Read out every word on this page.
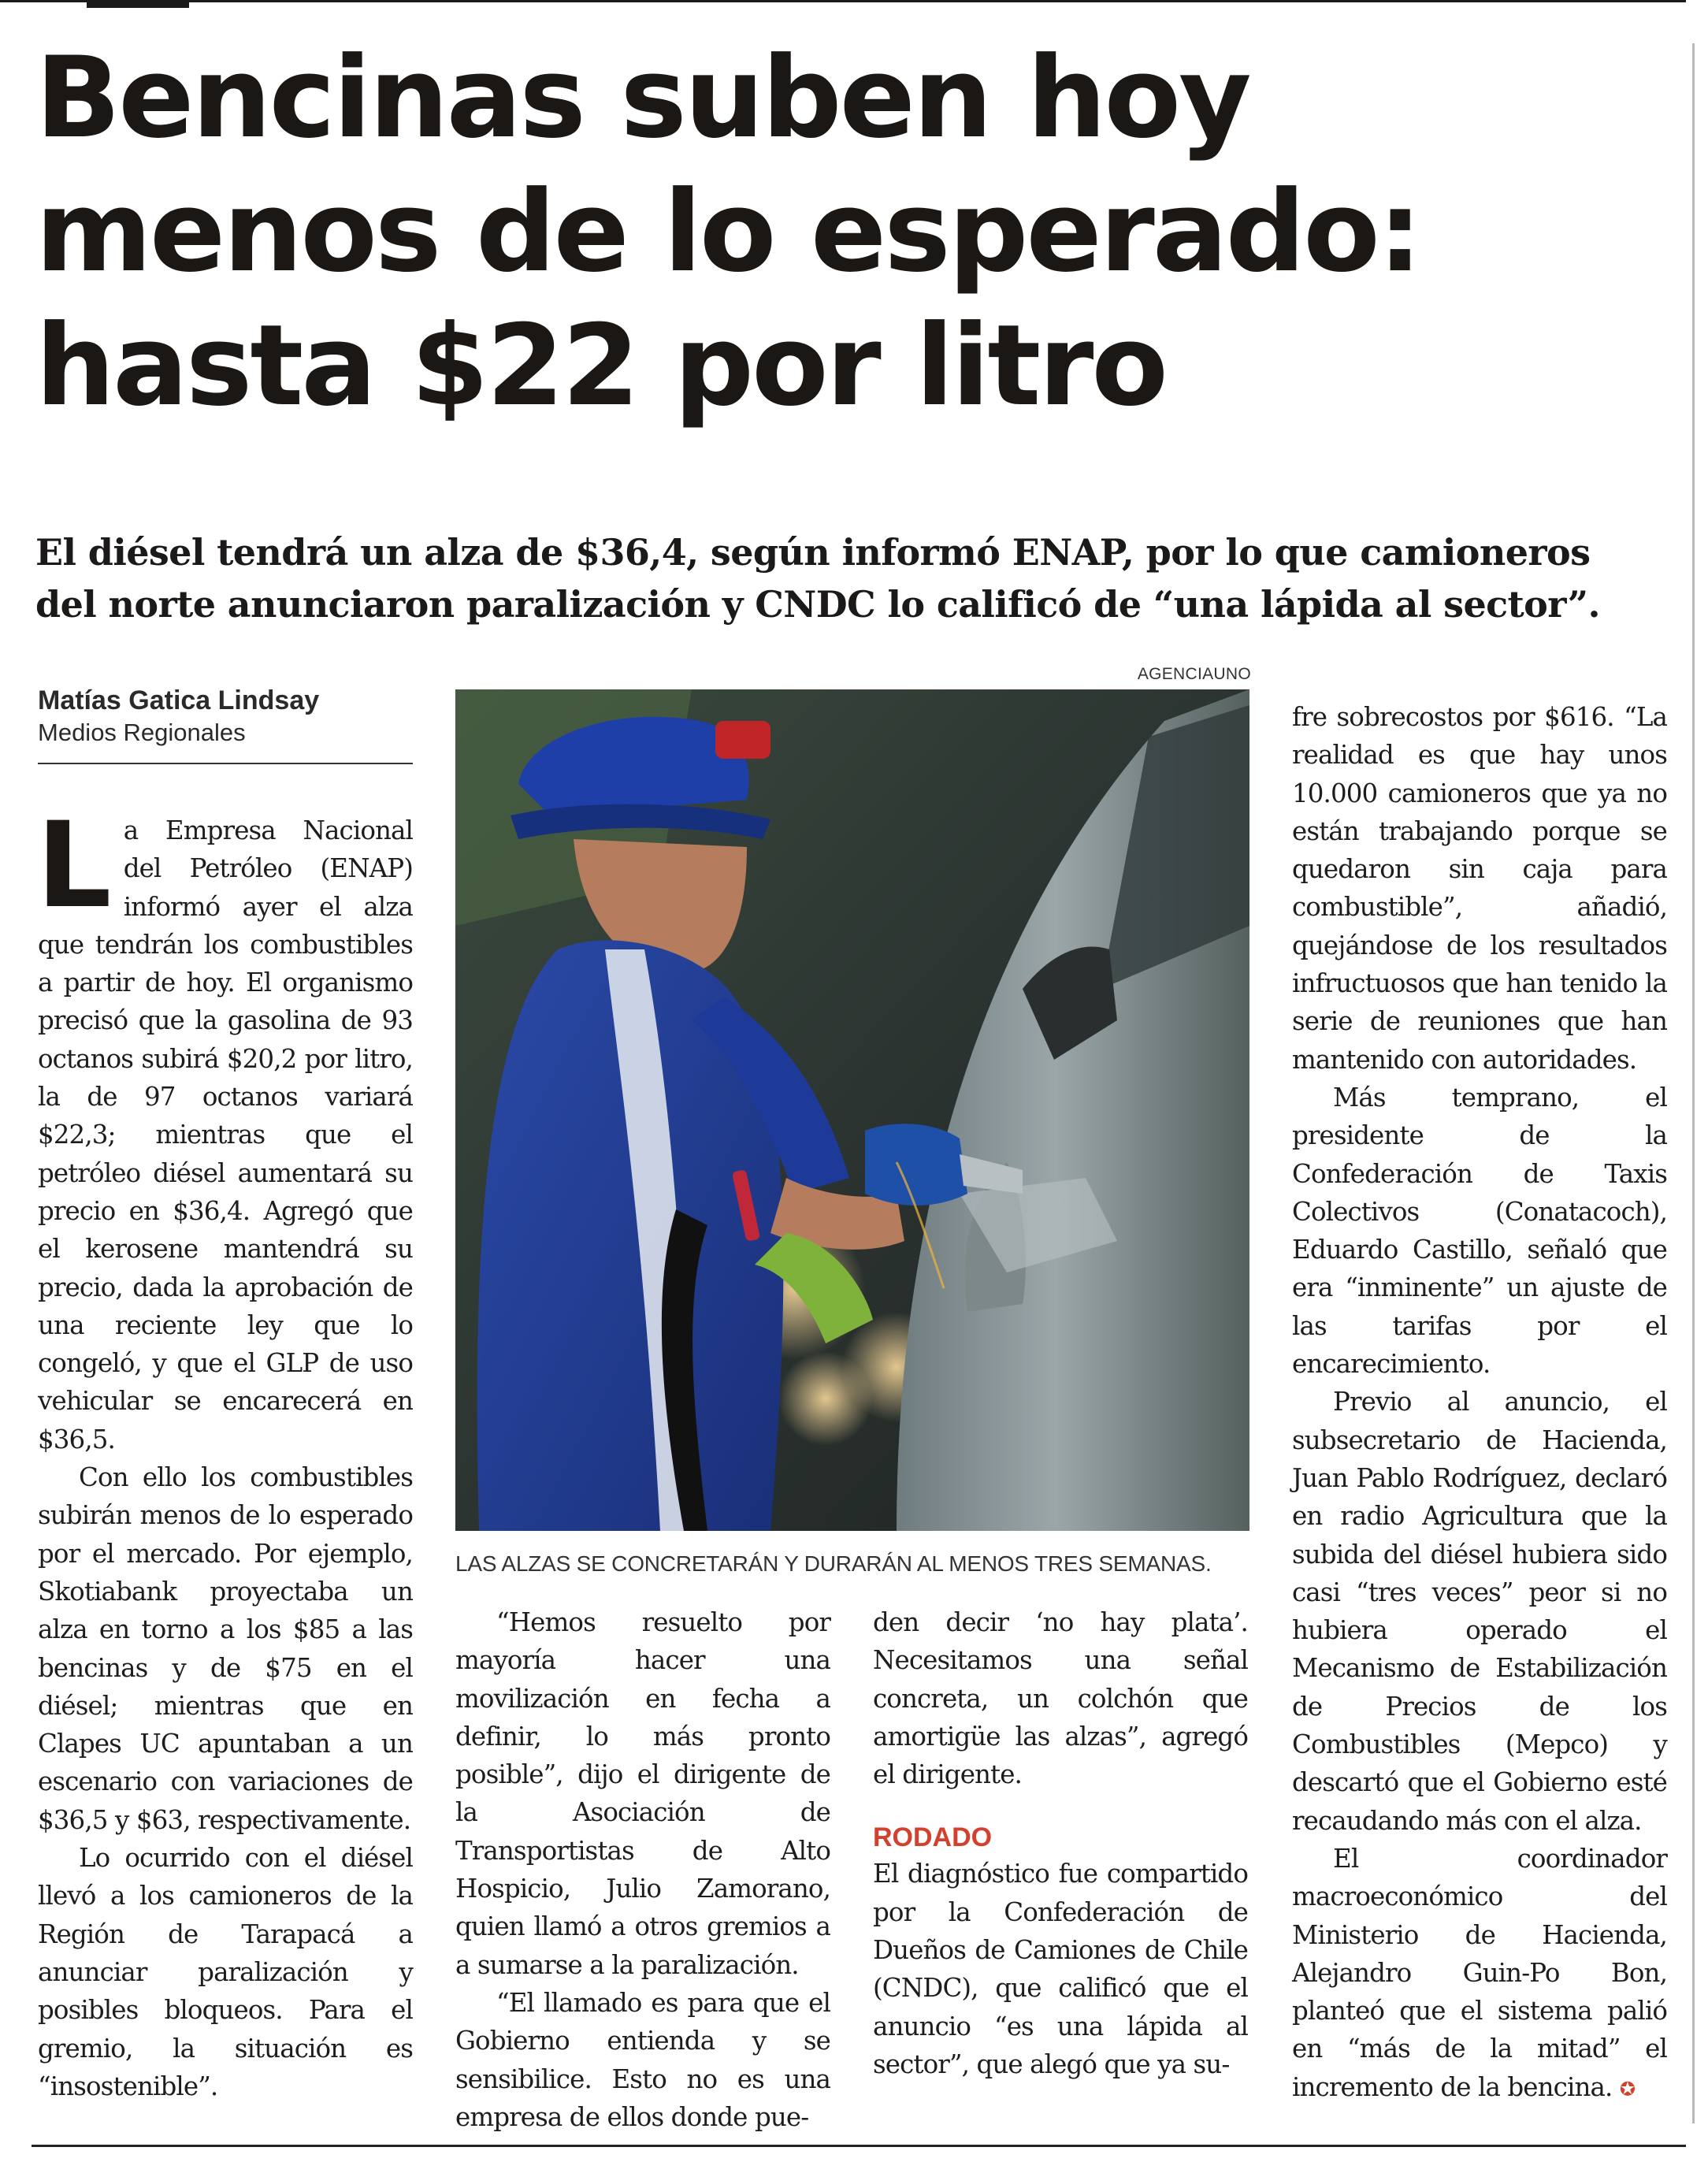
Bencinas suben hoy
menos de lo esperado:
hasta $22 por litro
El diésel tendrá un alza de $36,4, según informó ENAP, por lo que camioneros
del norte anunciaron paralización y CNDC lo calificó de “una lápida al sector”.
Matías Gatica Lindsay
Medios Regionales

La Empresa Nacional del Petróleo (ENAP) informó ayer el alza que tendrán los combustibles a partir de hoy. El organismo precisó que la gasolina de 93 octanos subirá $20,2 por litro, la de 97 octanos variará $22,3; mientras que el petróleo diésel aumentará su precio en $36,4. Agregó que el kerosene mantendrá su precio, dada la aprobación de una reciente ley que lo congeló, y que el GLP de uso vehicular se encarecerá en $36,5.

Con ello los combustibles subirán menos de lo esperado por el mercado. Por ejemplo, Skotiabank proyectaba un alza en torno a los $85 a las bencinas y de $75 en el diésel; mientras que en Clapes UC apuntaban a un escenario con variaciones de $36,5 y $63, respectivamente.

Lo ocurrido con el diésel llevó a los camioneros de la Región de Tarapacá a anunciar paralización y posibles bloqueos. Para el gremio, la situación es “insostenible”.

AGENCIAUNO
LAS ALZAS SE CONCRETARÁN Y DURARÁN AL MENOS TRES SEMANAS.

“Hemos resuelto por mayoría hacer una movilización en fecha a definir, lo más pronto posible”, dijo el dirigente de la Asociación de Transportistas de Alto Hospicio, Julio Zamorano, quien llamó a otros gremios a a sumarse a la paralización.

“El llamado es para que el Gobierno entienda y se sensibilice. Esto no es una empresa de ellos donde pue-

den decir ‘no hay plata’. Necesitamos una señal concreta, un colchón que amortigüe las alzas”, agregó el dirigente.

RODADO

El diagnóstico fue compartido por la Confederación de Dueños de Camiones de Chile (CNDC), que calificó que el anuncio “es una lápida al sector”, que alegó que ya su-

fre sobrecostos por $616. “La realidad es que hay unos 10.000 camioneros que ya no están trabajando porque se quedaron sin caja para combustible”, añadió, quejándose de los resultados infructuosos que han tenido la serie de reuniones que han mantenido con autoridades.

Más temprano, el presidente de la Confederación de Taxis Colectivos (Conatacoch), Eduardo Castillo, señaló que era “inminente” un ajuste de las tarifas por el encarecimiento.

Previo al anuncio, el subsecretario de Hacienda, Juan Pablo Rodríguez, declaró en radio Agricultura que la subida del diésel hubiera sido casi “tres veces” peor si no hubiera operado el Mecanismo de Estabilización de Precios de los Combustibles (Mepco) y descartó que el Gobierno esté recaudando más con el alza.

El coordinador macroeconómico del Ministerio de Hacienda, Alejandro Guin-Po Bon, planteó que el sistema palió en “más de la mitad” el incremento de la bencina. ✪
